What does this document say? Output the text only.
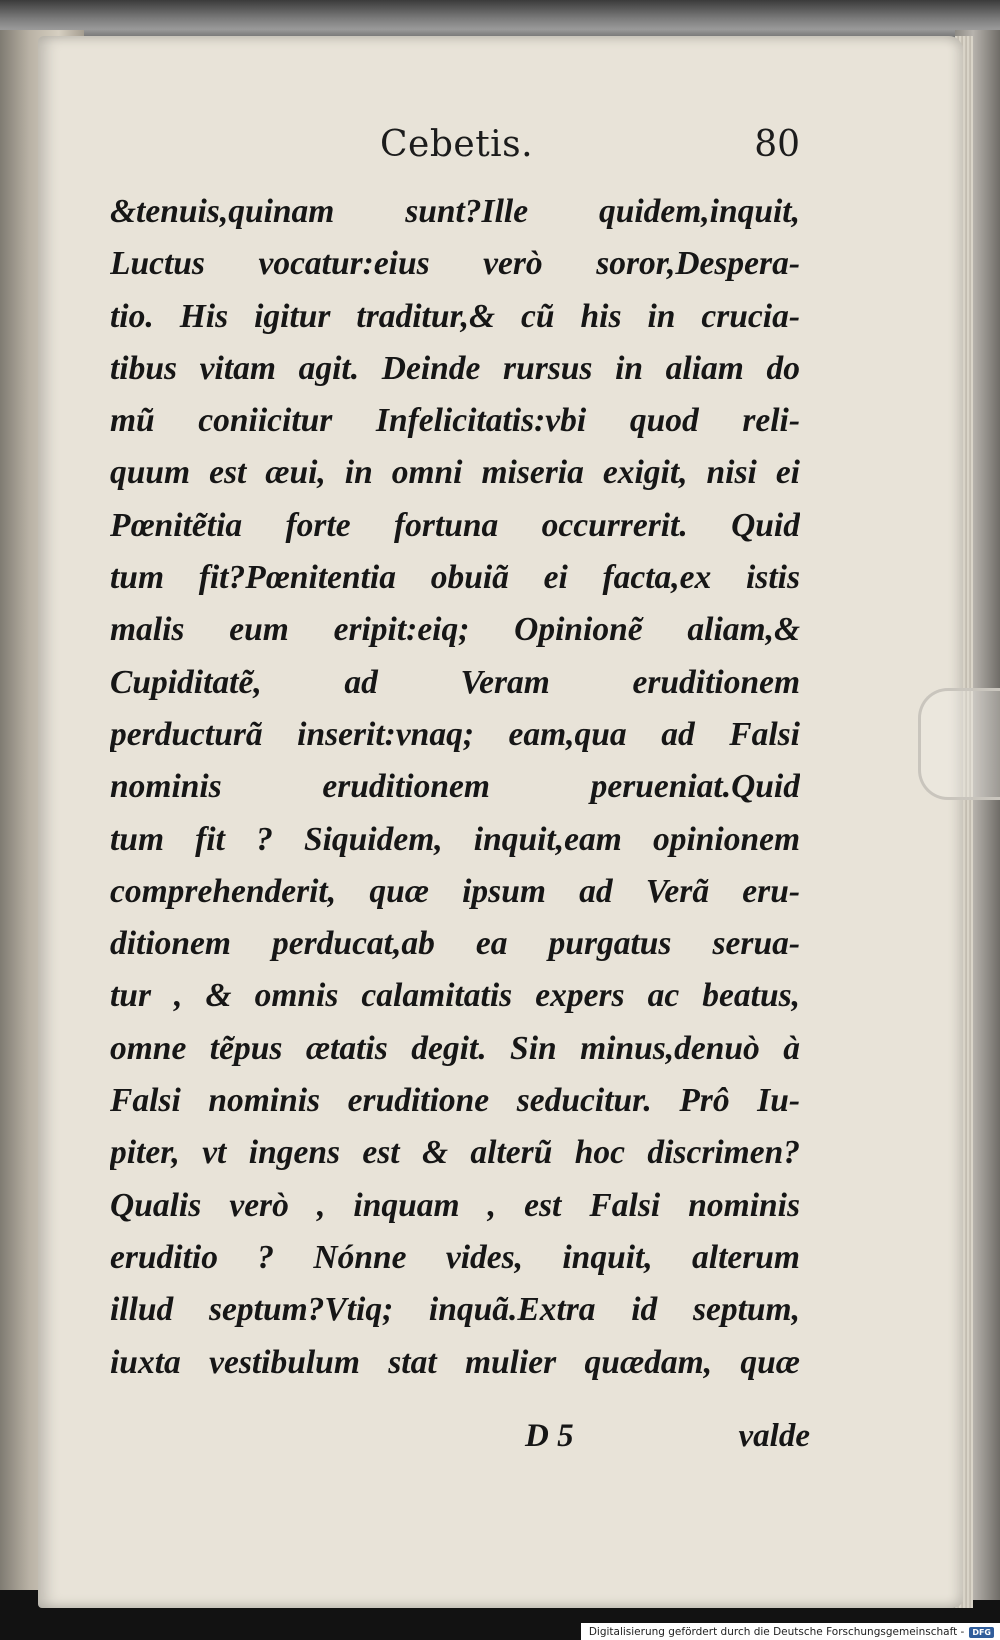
Cebetis.	80
&tenuis,quinam sunt?Ille quidem,inquit,
Luctus vocatur:eius verò soror,Despera-
tio. His igitur traditur,& cũ his in crucia-
tibus vitam agit. Deinde rursus in aliam do
mũ coniicitur Infelicitatis:vbi quod reli-
quum est æui, in omni miseria exigit, nisi ei
Pœnitẽtia forte fortuna occurrerit. Quid
tum fit?Pœnitentia obuiã ei facta,ex istis
malis eum eripit:eiq; Opinionẽ aliam,&
Cupiditatẽ, ad Veram eruditionem
perducturã inserit:vnaq; eam,qua ad Falsi
nominis eruditionem perueniat.Quid
tum fit ? Siquidem, inquit,eam opinionem
comprehenderit, quæ ipsum ad Verã eru-
ditionem perducat,ab ea purgatus serua-
tur , & omnis calamitatis expers ac beatus,
omne tẽpus ætatis degit. Sin minus,denuò à
Falsi nominis eruditione seducitur. Prô Iu-
piter, vt ingens est & alterũ hoc discrimen?
Qualis verò , inquam , est Falsi nominis
eruditio ? Nónne vides, inquit, alterum
illud septum?Vtiq; inquã.Extra id septum,
iuxta vestibulum stat mulier quædam, quæ
D 5	valde
Digitalisierung gefördert durch die Deutsche Forschungsgemeinschaft -	DFG
